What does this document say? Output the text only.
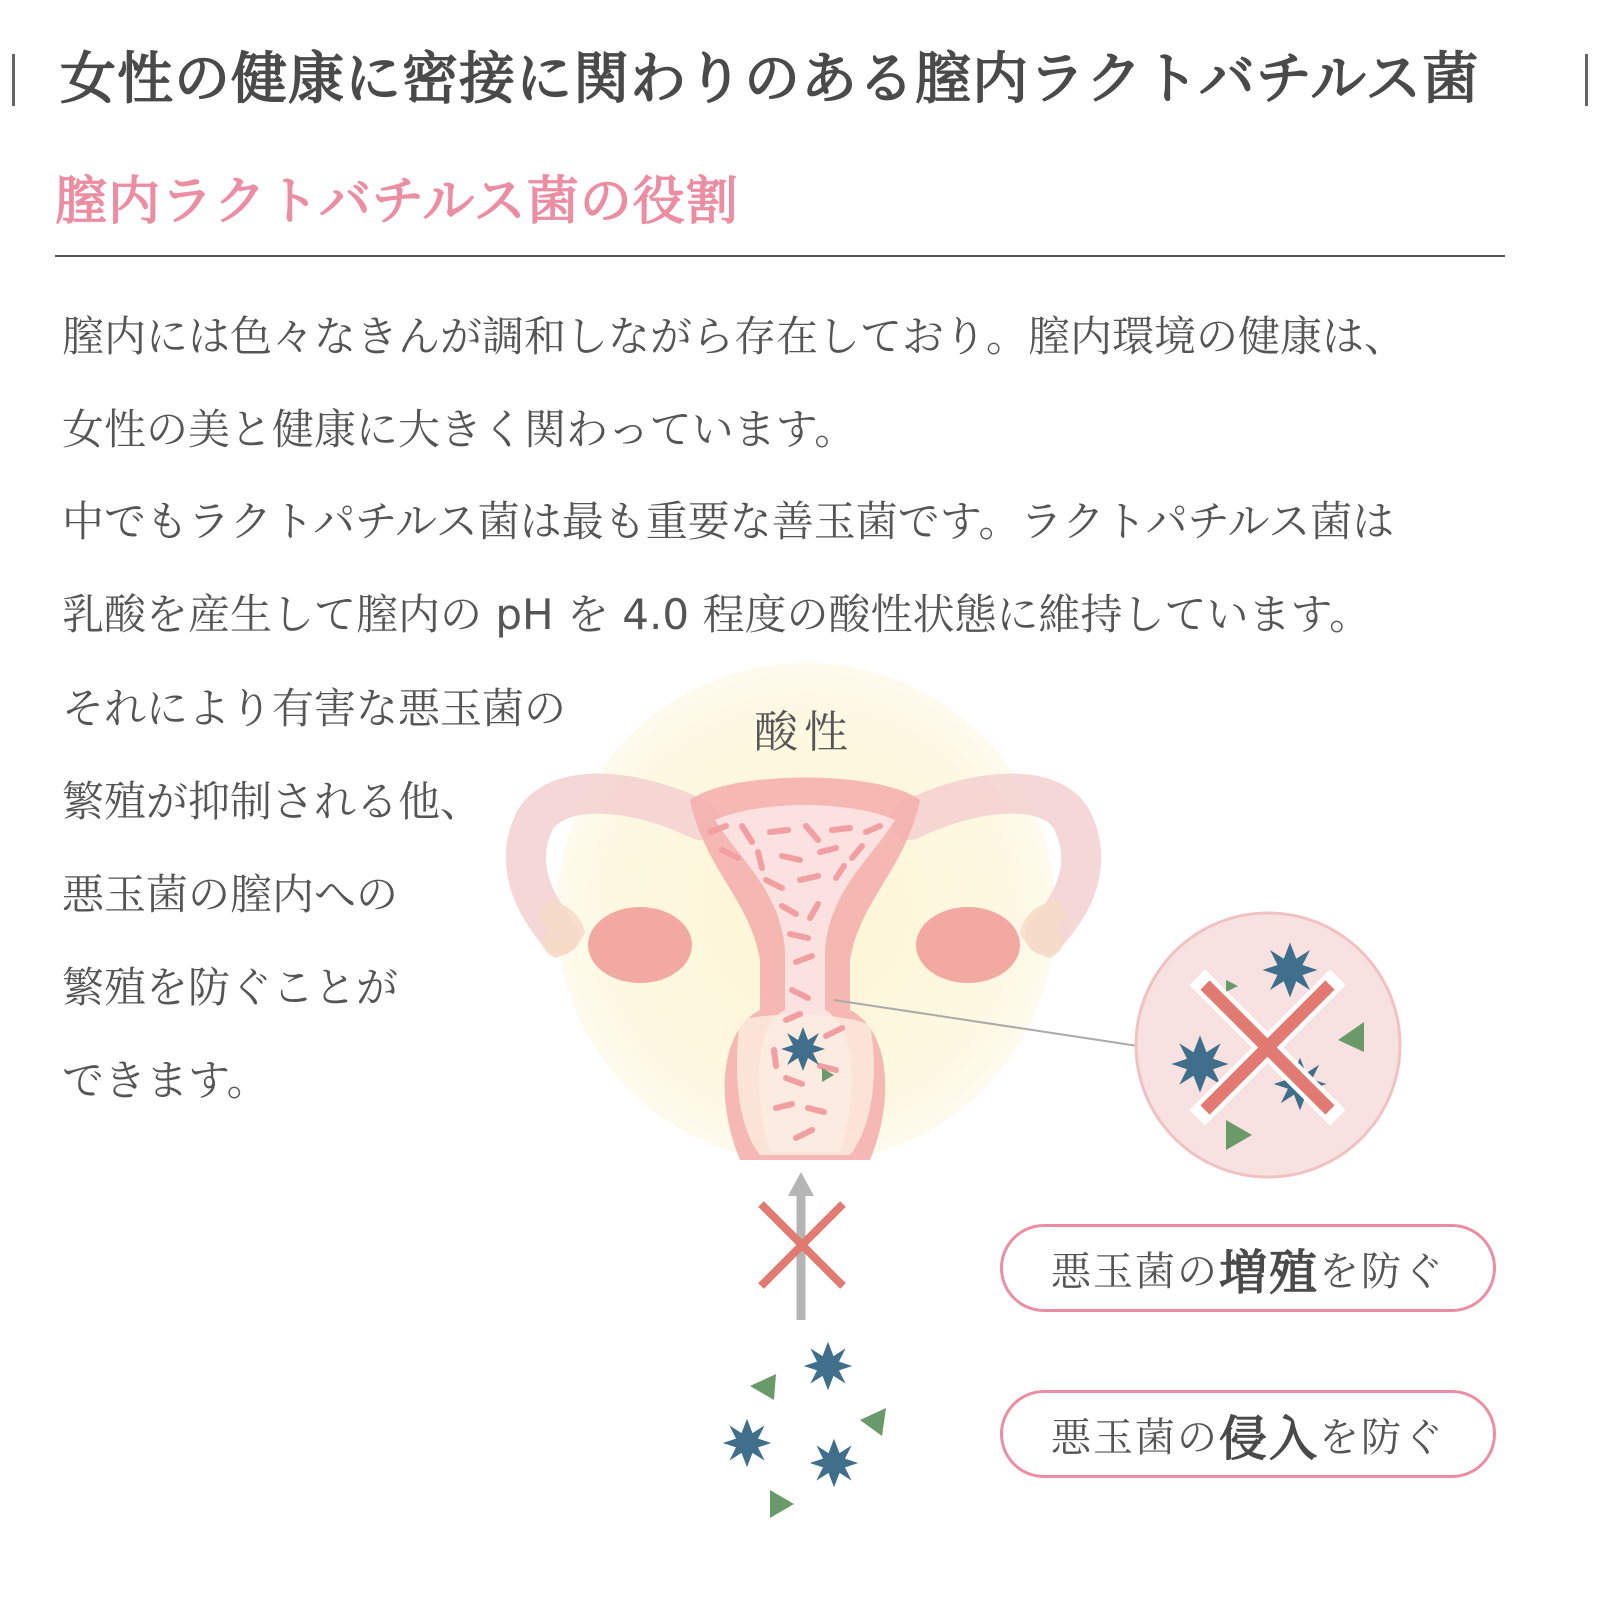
女性の健康に密接に関わりのある膣内ラクトバチルス菌
膣内ラクトバチルス菌の役割

膣内には色々なきんが調和しながら存在しており。膣内環境の健康は、
女性の美と健康に大きく関わっています。

中でもラクトパチルス菌は最も重要な善玉菌です。ラクトパチルス菌は
乳酸を産生して膣内の pH を 4.0 程度の酸性状態に維持しています。

それにより有害な悪玉菌の
繁殖が抑制される他、
悪玉菌の膣内への
繁殖を防ぐことが
できます。

酸性
悪玉菌の 増殖 を防ぐ
悪玉菌の 侵入 を防ぐ
